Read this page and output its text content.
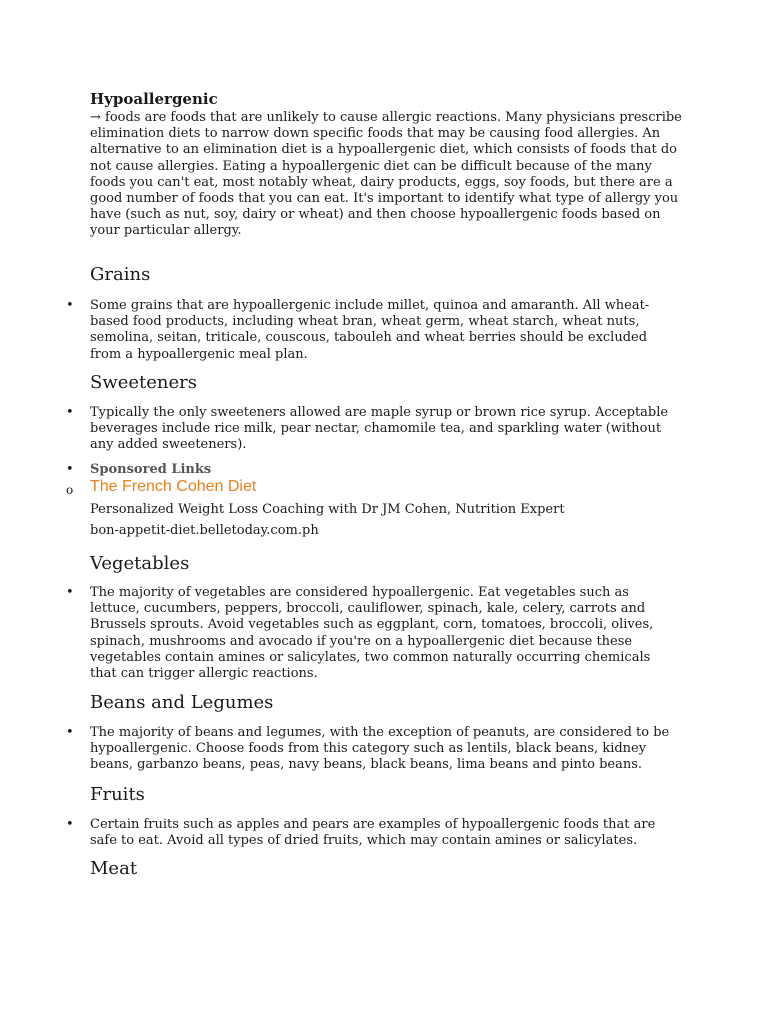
Hypoallergenic

→ foods are foods that are unlikely to cause allergic reactions. Many physicians prescribe elimination diets to narrow down specific foods that may be causing food allergies. An alternative to an elimination diet is a hypoallergenic diet, which consists of foods that do not cause allergies. Eating a hypoallergenic diet can be difficult because of the many foods you can't eat, most notably wheat, dairy products, eggs, soy foods, but there are a good number of foods that you can eat. It's important to identify what type of allergy you have (such as nut, soy, dairy or wheat) and then choose hypoallergenic foods based on your particular allergy.

Grains
• Some grains that are hypoallergenic include millet, quinoa and amaranth. All wheat-based food products, including wheat bran, wheat germ, wheat starch, wheat nuts, semolina, seitan, triticale, couscous, tabouleh and wheat berries should be excluded from a hypoallergenic meal plan.

Sweeteners
• Typically the only sweeteners allowed are maple syrup or brown rice syrup. Acceptable beverages include rice milk, pear nectar, chamomile tea, and sparkling water (without any added sweeteners).

• Sponsored Links

o The French Cohen Diet

Personalized Weight Loss Coaching with Dr JM Cohen, Nutrition Expert

bon-appetit-diet.belletoday.com.ph

Vegetables
• The majority of vegetables are considered hypoallergenic. Eat vegetables such as lettuce, cucumbers, peppers, broccoli, cauliflower, spinach, kale, celery, carrots and Brussels sprouts. Avoid vegetables such as eggplant, corn, tomatoes, broccoli, olives, spinach, mushrooms and avocado if you're on a hypoallergenic diet because these vegetables contain amines or salicylates, two common naturally occurring chemicals that can trigger allergic reactions.

Beans and Legumes
• The majority of beans and legumes, with the exception of peanuts, are considered to be hypoallergenic. Choose foods from this category such as lentils, black beans, kidney beans, garbanzo beans, peas, navy beans, black beans, lima beans and pinto beans.

Fruits
• Certain fruits such as apples and pears are examples of hypoallergenic foods that are safe to eat. Avoid all types of dried fruits, which may contain amines or salicylates.

Meat
